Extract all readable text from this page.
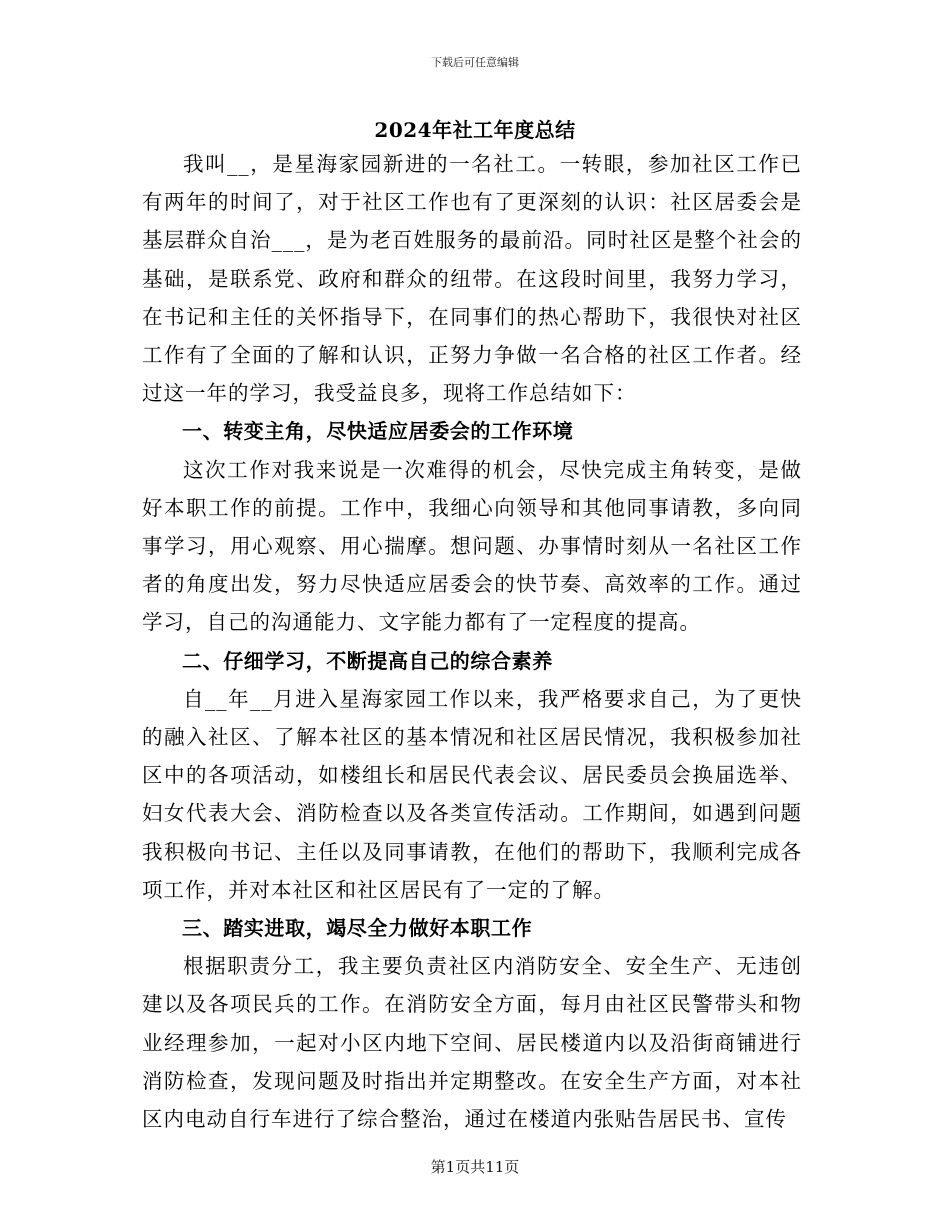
下载后可任意编辑
2024年社工年度总结

我叫__，是星海家园新进的一名社工。一转眼，参加社区工作已有两年的时间了，对于社区工作也有了更深刻的认识：社区居委会是基层群众自治___，是为老百姓服务的最前沿。同时社区是整个社会的基础，是联系党、政府和群众的纽带。在这段时间里，我努力学习，在书记和主任的关怀指导下，在同事们的热心帮助下，我很快对社区工作有了全面的了解和认识，正努力争做一名合格的社区工作者。经过这一年的学习，我受益良多，现将工作总结如下：

一、转变主角，尽快适应居委会的工作环境

这次工作对我来说是一次难得的机会，尽快完成主角转变，是做好本职工作的前提。工作中，我细心向领导和其他同事请教，多向同事学习，用心观察、用心揣摩。想问题、办事情时刻从一名社区工作者的角度出发，努力尽快适应居委会的快节奏、高效率的工作。通过学习，自己的沟通能力、文字能力都有了一定程度的提高。

二、仔细学习，不断提高自己的综合素养

自__年__月进入星海家园工作以来，我严格要求自己，为了更快的融入社区、了解本社区的基本情况和社区居民情况，我积极参加社区中的各项活动，如楼组长和居民代表会议、居民委员会换届选举、妇女代表大会、消防检查以及各类宣传活动。工作期间，如遇到问题我积极向书记、主任以及同事请教，在他们的帮助下，我顺利完成各项工作，并对本社区和社区居民有了一定的了解。

三、踏实进取，竭尽全力做好本职工作

根据职责分工，我主要负责社区内消防安全、安全生产、无违创建以及各项民兵的工作。在消防安全方面，每月由社区民警带头和物业经理参加，一起对小区内地下空间、居民楼道内以及沿街商铺进行消防检查，发现问题及时指出并定期整改。在安全生产方面，对本社区内电动自行车进行了综合整治，通过在楼道内张贴告居民书、宣传

第1页共11页
